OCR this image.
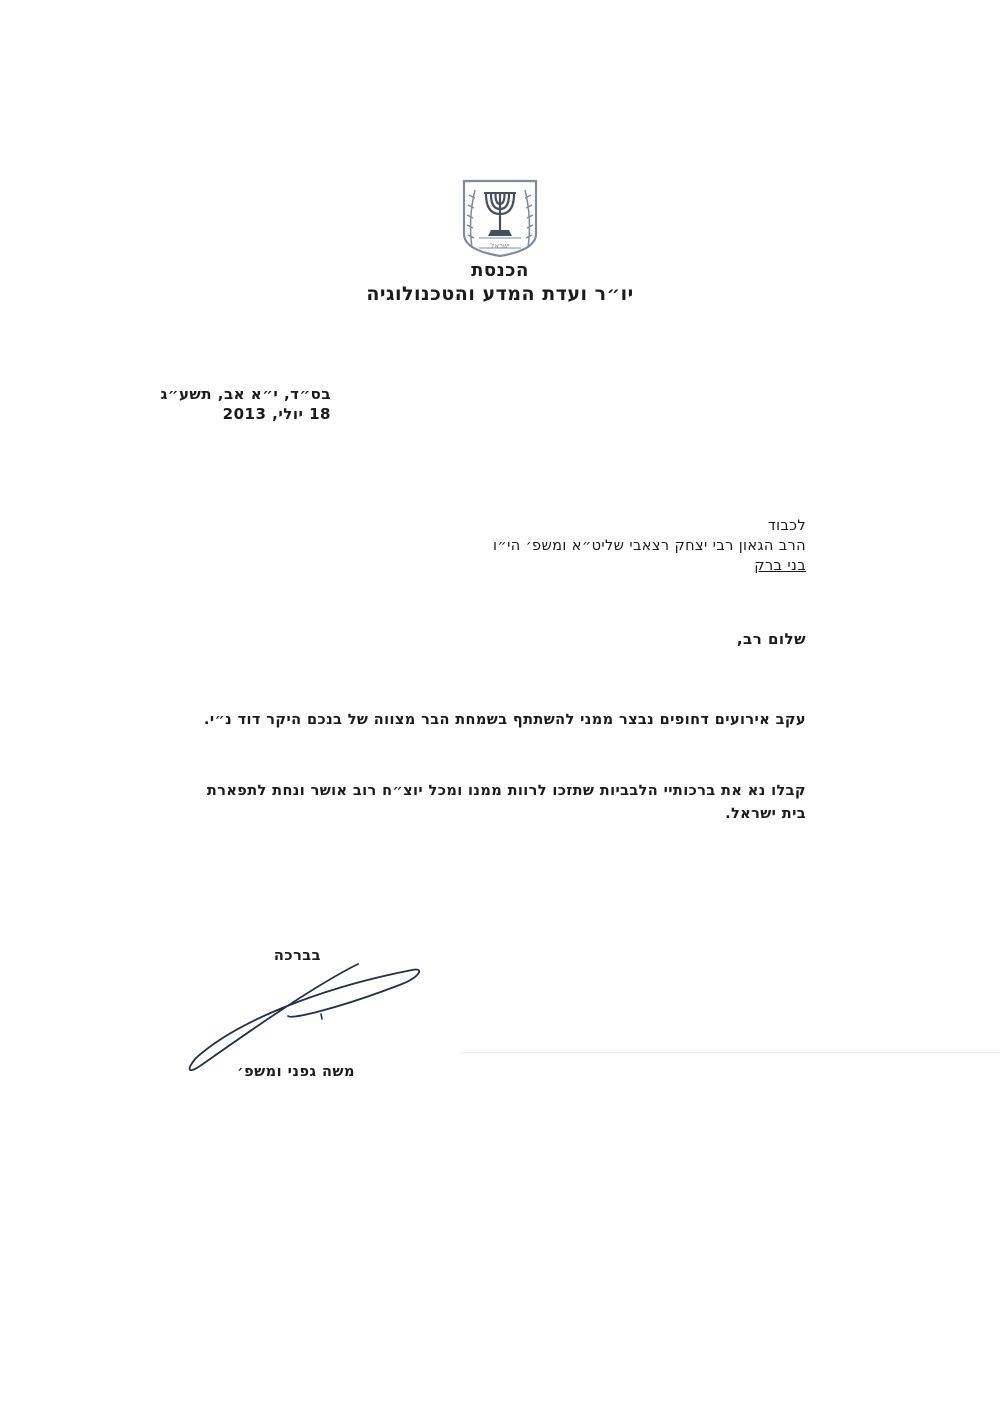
ישראל
הכנסת
יו״ר ועדת המדע והטכנולוגיה
בס״ד, י״א אב, תשע״ג
18 יולי, 2013
לכבוד
הרב הגאון רבי יצחק רצאבי שליט״א ומשפ׳ הי״ו
בני ברק
שלום רב,
עקב אירועים דחופים נבצר ממני להשתתף בשמחת הבר מצווה של בנכם היקר דוד נ״י.
קבלו נא את ברכותיי הלבביות שתזכו לרוות ממנו ומכל יוצ״ח רוב אושר ונחת לתפארת בית ישראל.
בברכה
משה גפני ומשפ׳
